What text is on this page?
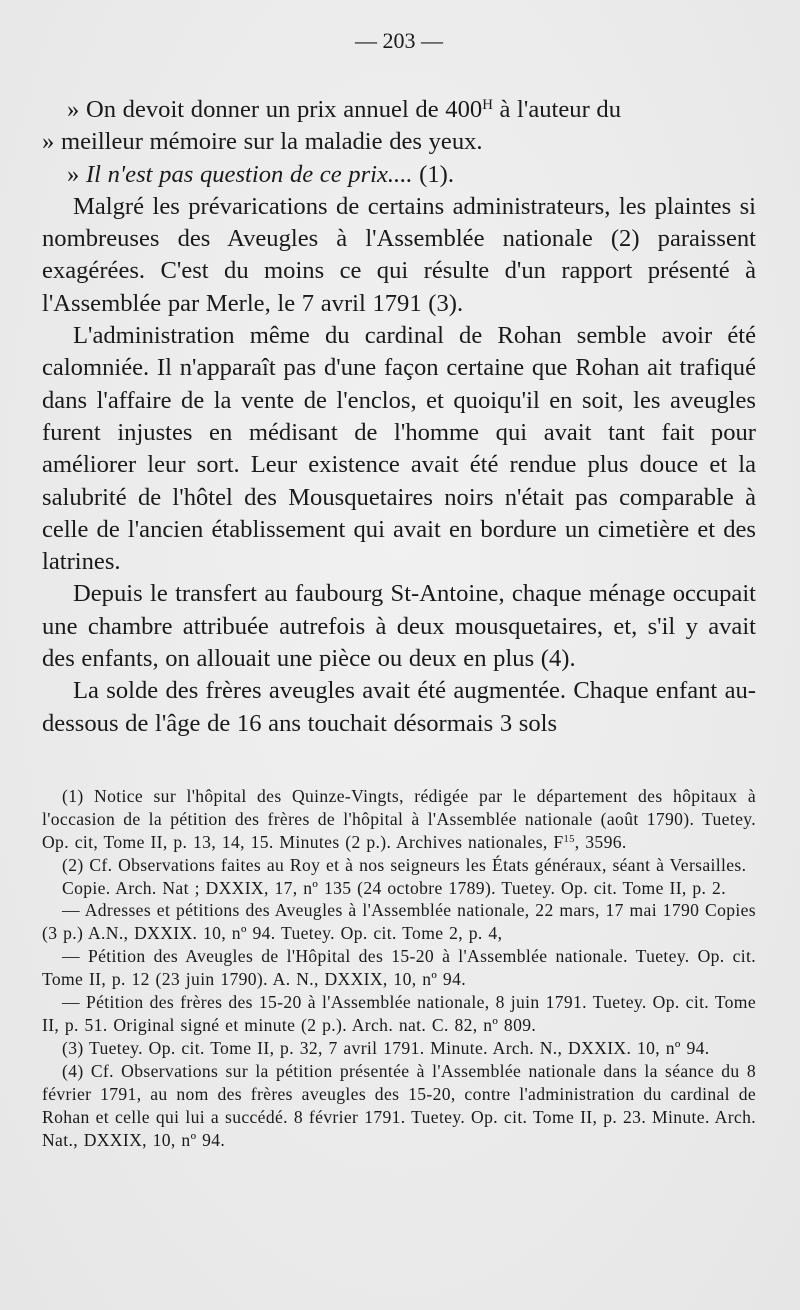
— 203 —

» On devoit donner un prix annuel de $400^H$ à l'auteur du

» meilleur mémoire sur la maladie des yeux.

» Il n'est pas question de ce prix.... (1).

Malgré les prévarications de certains administrateurs, les plaintes si nombreuses des Aveugles à l'Assemblée nationale (2) paraissent exagérées. C'est du moins ce qui résulte d'un rapport présenté à l'Assemblée par Merle, le 7 avril 1791 (3).

L'administration même du cardinal de Rohan semble avoir été calomniée. Il n'apparaît pas d'une façon certaine que Rohan ait trafiqué dans l'affaire de la vente de l'enclos, et quoiqu'il en soit, les aveugles furent injustes en médisant de l'homme qui avait tant fait pour améliorer leur sort. Leur existence avait été rendue plus douce et la salubrité de l'hôtel des Mousquetaires noirs n'était pas comparable à celle de l'ancien établissement qui avait en bordure un cimetière et des latrines.

Depuis le transfert au faubourg St-Antoine, chaque ménage occupait une chambre attribuée autrefois à deux mousquetaires, et, s'il y avait des enfants, on allouait une pièce ou deux en plus (4).

La solde des frères aveugles avait été augmentée. Chaque enfant au-dessous de l'âge de 16 ans touchait désormais 3 sols

(1) Notice sur l'hôpital des Quinze-Vingts, rédigée par le département des hôpitaux à l'occasion de la pétition des frères de l'hôpital à l'Assemblée nationale (août 1790). Tuetey. Op. cit, Tome II, p. 13, 14, 15. Minutes (2 p.). Archives nationales, $F^{15}$, 3596.

(2) Cf. Observations faites au Roy et à nos seigneurs les États généraux, séant à Versailles.

Copie. Arch. Nat ; DXXIX, 17, nº 135 (24 octobre 1789). Tuetey. Op. cit. Tome II, p. 2.

— Adresses et pétitions des Aveugles à l'Assemblée nationale, 22 mars, 17 mai 1790 Copies (3 p.) A.N., DXXIX. 10, nº 94. Tuetey. Op. cit. Tome 2, p. 4,

— Pétition des Aveugles de l'Hôpital des 15-20 à l'Assemblée nationale. Tuetey. Op. cit. Tome II, p. 12 (23 juin 1790). A. N., DXXIX, 10, nº 94.

— Pétition des frères des 15-20 à l'Assemblée nationale, 8 juin 1791. Tuetey. Op. cit. Tome II, p. 51. Original signé et minute (2 p.). Arch. nat. C. 82, nº 809.

(3) Tuetey. Op. cit. Tome II, p. 32, 7 avril 1791. Minute. Arch. N., DXXIX. 10, nº 94.

(4) Cf. Observations sur la pétition présentée à l'Assemblée nationale dans la séance du 8 février 1791, au nom des frères aveugles des 15-20, contre l'administration du cardinal de Rohan et celle qui lui a succédé. 8 février 1791. Tuetey. Op. cit. Tome II, p. 23. Minute. Arch. Nat., DXXIX, 10, nº 94.
